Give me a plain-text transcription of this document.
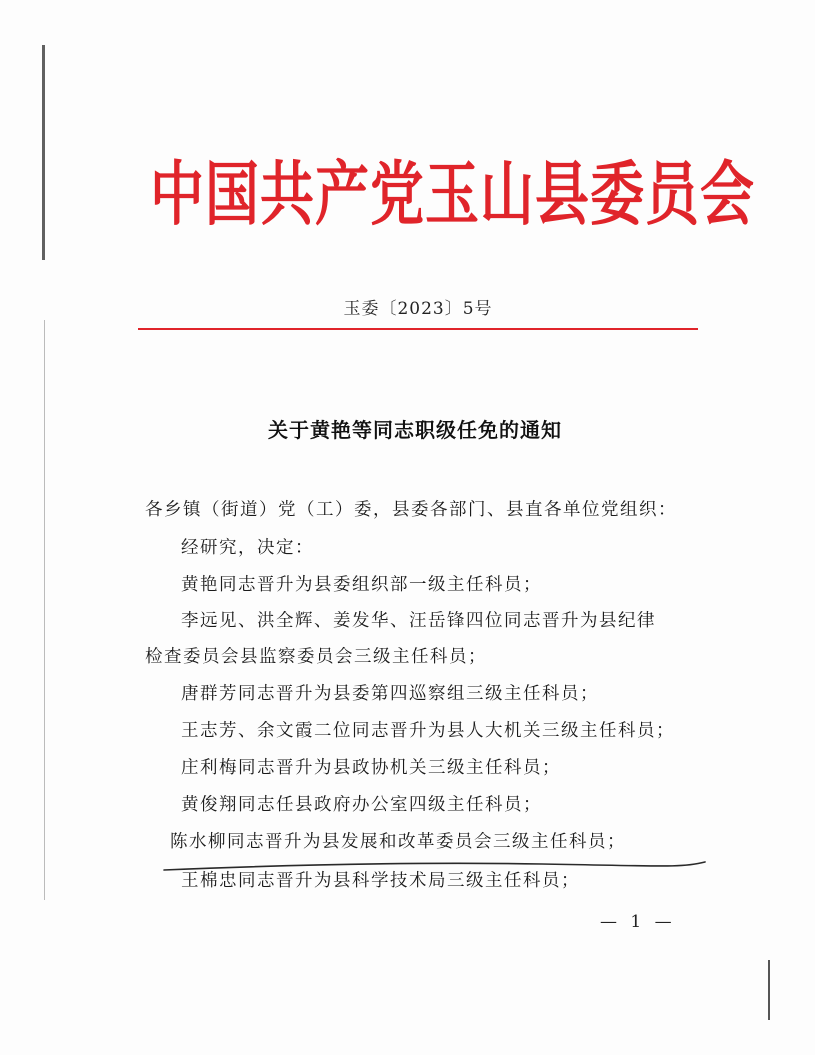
中国共产党玉山县委员会
玉委〔2023〕5号
关于黄艳等同志职级任免的通知
各乡镇（街道）党（工）委，县委各部门、县直各单位党组织：
经研究，决定：
黄艳同志晋升为县委组织部一级主任科员；
李远见、洪全辉、姜发华、汪岳锋四位同志晋升为县纪律
检查委员会县监察委员会三级主任科员；
唐群芳同志晋升为县委第四巡察组三级主任科员；
王志芳、余文霞二位同志晋升为县人大机关三级主任科员；
庄利梅同志晋升为县政协机关三级主任科员；
黄俊翔同志任县政府办公室四级主任科员；
陈水柳同志晋升为县发展和改革委员会三级主任科员；
王棉忠同志晋升为县科学技术局三级主任科员；
— 1 —
